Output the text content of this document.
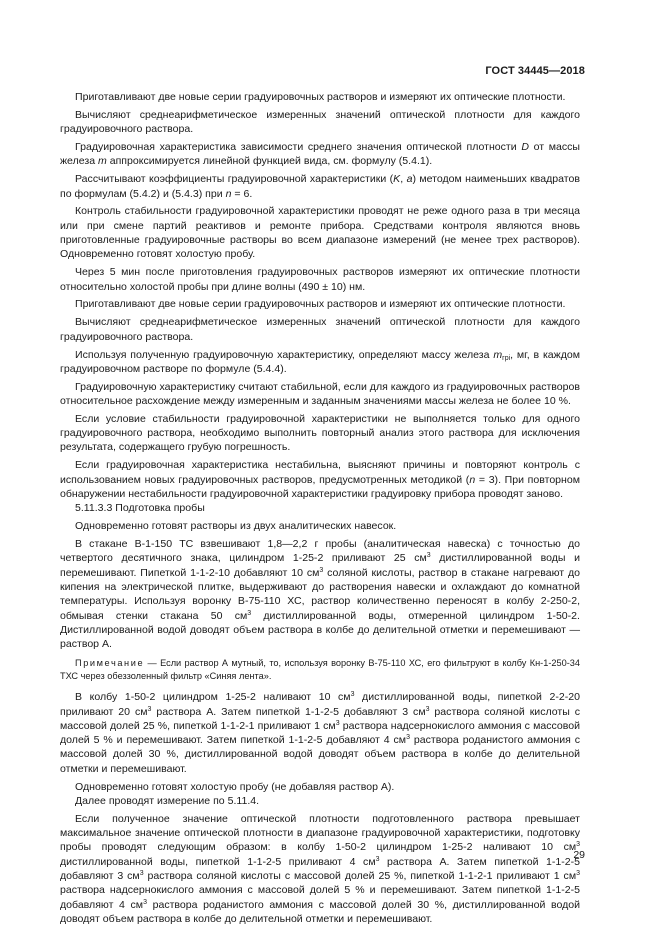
ГОСТ 34445—2018

Приготавливают две новые серии градуировочных растворов и измеряют их оптические плотности.

Вычисляют среднеарифметическое измеренных значений оптической плотности для каждого градуировочного раствора.

Градуировочная характеристика зависимости среднего значения оптической плотности D от массы железа m аппроксимируется линейной функцией вида, см. формулу (5.4.1).

Рассчитывают коэффициенты градуировочной характеристики (K, a) методом наименьших квадратов по формулам (5.4.2) и (5.4.3) при n = 6.

Контроль стабильности градуировочной характеристики проводят не реже одного раза в три месяца или при смене партий реактивов и ремонте прибора. Средствами контроля являются вновь приготовленные градуировочные растворы во всем диапазоне измерений (не менее трех растворов). Одновременно готовят холостую пробу.

Через 5 мин после приготовления градуировочных растворов измеряют их оптические плотности относительно холостой пробы при длине волны (490 ± 10) нм.

Приготавливают две новые серии градуировочных растворов и измеряют их оптические плотности.

Вычисляют среднеарифметическое измеренных значений оптической плотности для каждого градуировочного раствора.

Используя полученную градуировочную характеристику, определяют массу железа $m_{грi}$, мг, в каждом градуировочном растворе по формуле (5.4.4).

Градуировочную характеристику считают стабильной, если для каждого из градуировочных растворов относительное расхождение между измеренным и заданным значениями массы железа не более 10 %.

Если условие стабильности градуировочной характеристики не выполняется только для одного градуировочного раствора, необходимо выполнить повторный анализ этого раствора для исключения результата, содержащего грубую погрешность.

Если градуировочная характеристика нестабильна, выясняют причины и повторяют контроль с использованием новых градуировочных растворов, предусмотренных методикой (n = 3). При повторном обнаружении нестабильности градуировочной характеристики градуировку прибора проводят заново.

5.11.3.3 Подготовка пробы

Одновременно готовят растворы из двух аналитических навесок.

В стакане В-1-150 ТС взвешивают 1,8—2,2 г пробы (аналитическая навеска) с точностью до четвертого десятичного знака, цилиндром 1-25-2 приливают 25 $см^3$ дистиллированной воды и перемешивают. Пипеткой 1-1-2-10 добавляют 10 $см^3$ соляной кислоты, раствор в стакане нагревают до кипения на электрической плитке, выдерживают до растворения навески и охлаждают до комнатной температуры. Используя воронку В-75-110 ХС, раствор количественно переносят в колбу 2-250-2, обмывая стенки стакана 50 $см^3$ дистиллированной воды, отмеренной цилиндром 1-50-2. Дистиллированной водой доводят объем раствора в колбе до делительной отметки и перемешивают — раствор А.

Примечание — Если раствор А мутный, то, используя воронку В-75-110 ХС, его фильтруют в колбу Кн-1-250-34 ТХС через обеззоленный фильтр «Синяя лента».

В колбу 1-50-2 цилиндром 1-25-2 наливают 10 $см^3$ дистиллированной воды, пипеткой 2-2-20 приливают 20 $см^3$ раствора А. Затем пипеткой 1-1-2-5 добавляют 3 $см^3$ раствора соляной кислоты с массовой долей 25 %, пипеткой 1-1-2-1 приливают 1 $см^3$ раствора надсернокислого аммония с массовой долей 5 % и перемешивают. Затем пипеткой 1-1-2-5 добавляют 4 $см^3$ раствора роданистого аммония с массовой долей 30 %, дистиллированной водой доводят объем раствора в колбе до делительной отметки и перемешивают.

Одновременно готовят холостую пробу (не добавляя раствор А).

Далее проводят измерение по 5.11.4.

Если полученное значение оптической плотности подготовленного раствора превышает максимальное значение оптической плотности в диапазоне градуировочной характеристики, подготовку пробы проводят следующим образом: в колбу 1-50-2 цилиндром 1-25-2 наливают 10 $см^3$ дистиллированной воды, пипеткой 1-1-2-5 приливают 4 $см^3$ раствора А. Затем пипеткой 1-1-2-5 добавляют 3 $см^3$ раствора соляной кислоты с массовой долей 25 %, пипеткой 1-1-2-1 приливают 1 $см^3$ раствора надсернокислого аммония с массовой долей 5 % и перемешивают. Затем пипеткой 1-1-2-5 добавляют 4 $см^3$ раствора роданистого аммония с массовой долей 30 %, дистиллированной водой доводят объем раствора в колбе до делительной отметки и перемешивают.

29
